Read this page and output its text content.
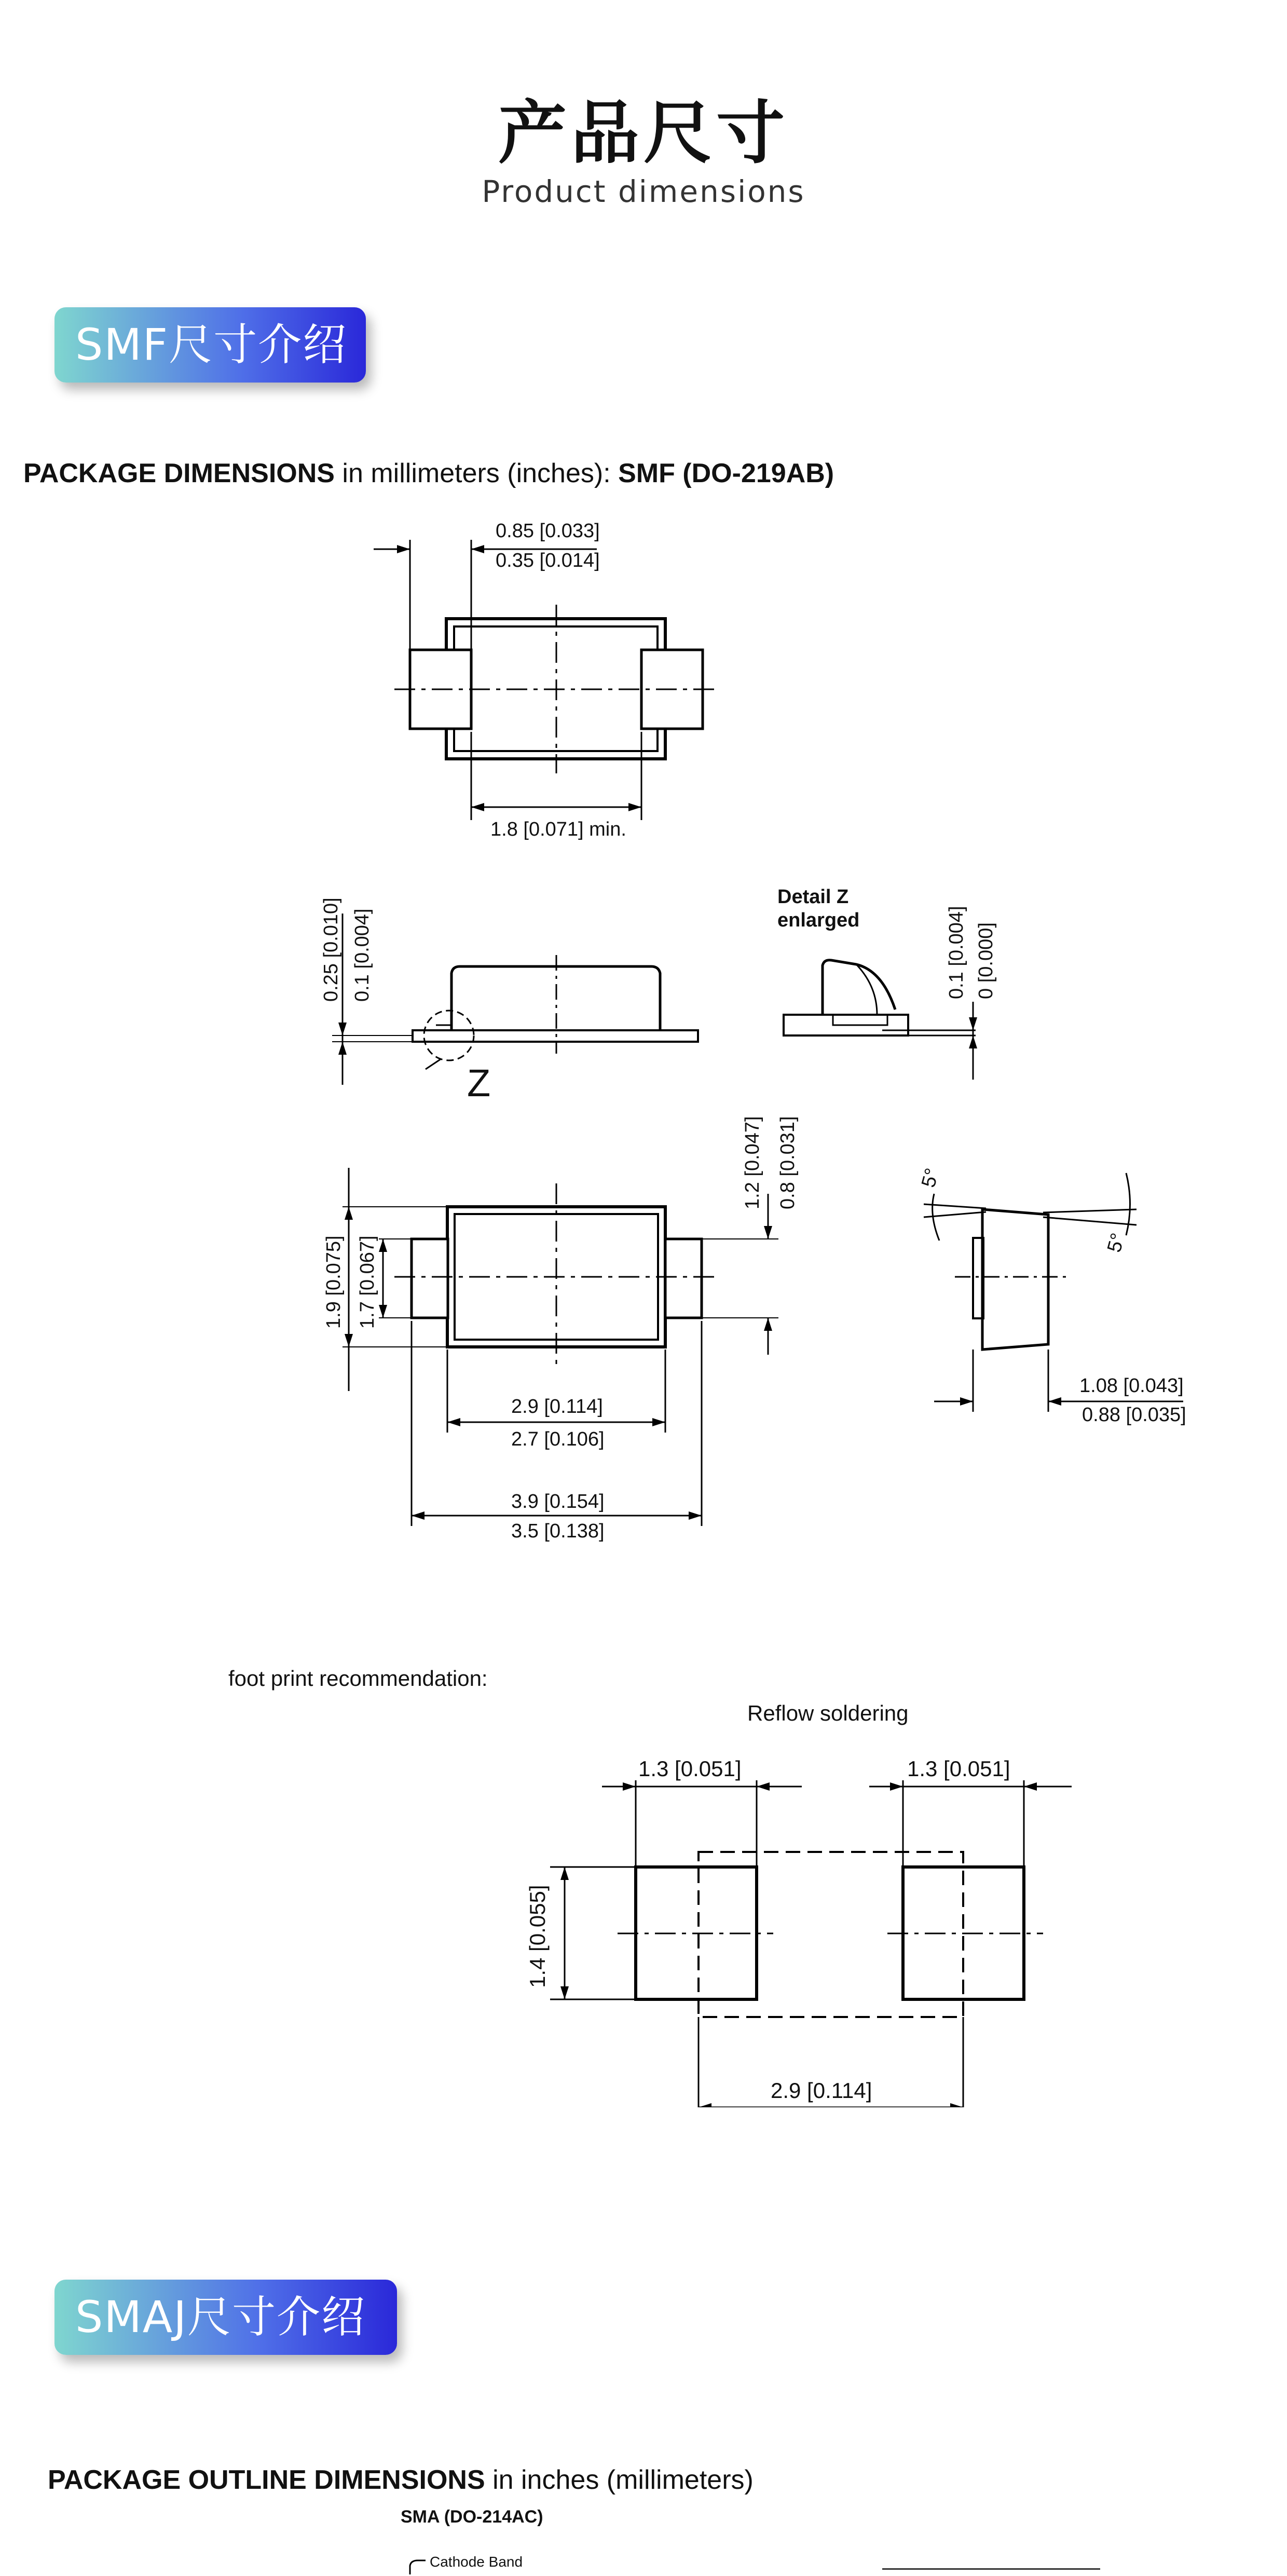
产品尺寸
Product dimensions
SMF尺寸介绍
PACKAGE DIMENSIONS in millimeters (inches): SMF (DO-219AB)
0.85 [0.033]
0.35 [0.014]
1.8 [0.071] min.
0.25 [0.010] 0.1 [0.004]
Z
Detail Z
enlarged	0.1 [0.004] 0 [0.000]
1.9 [0.075] 1.7 [0.067]
1.2 [0.047] 0.8 [0.031]
2.9 [0.114]
2.7 [0.106]
3.9 [0.154]
3.5 [0.138]
5°
5°
1.08 [0.043]
0.88 [0.035]
foot print recommendation:
Reflow soldering
1.3 [0.051]	1.3 [0.051]
1.4 [0.055]
2.9 [0.114]
SMAJ尺寸介绍
PACKAGE OUTLINE DIMENSIONS in inches (millimeters)
SMA (DO-214AC)
Cathode Band
